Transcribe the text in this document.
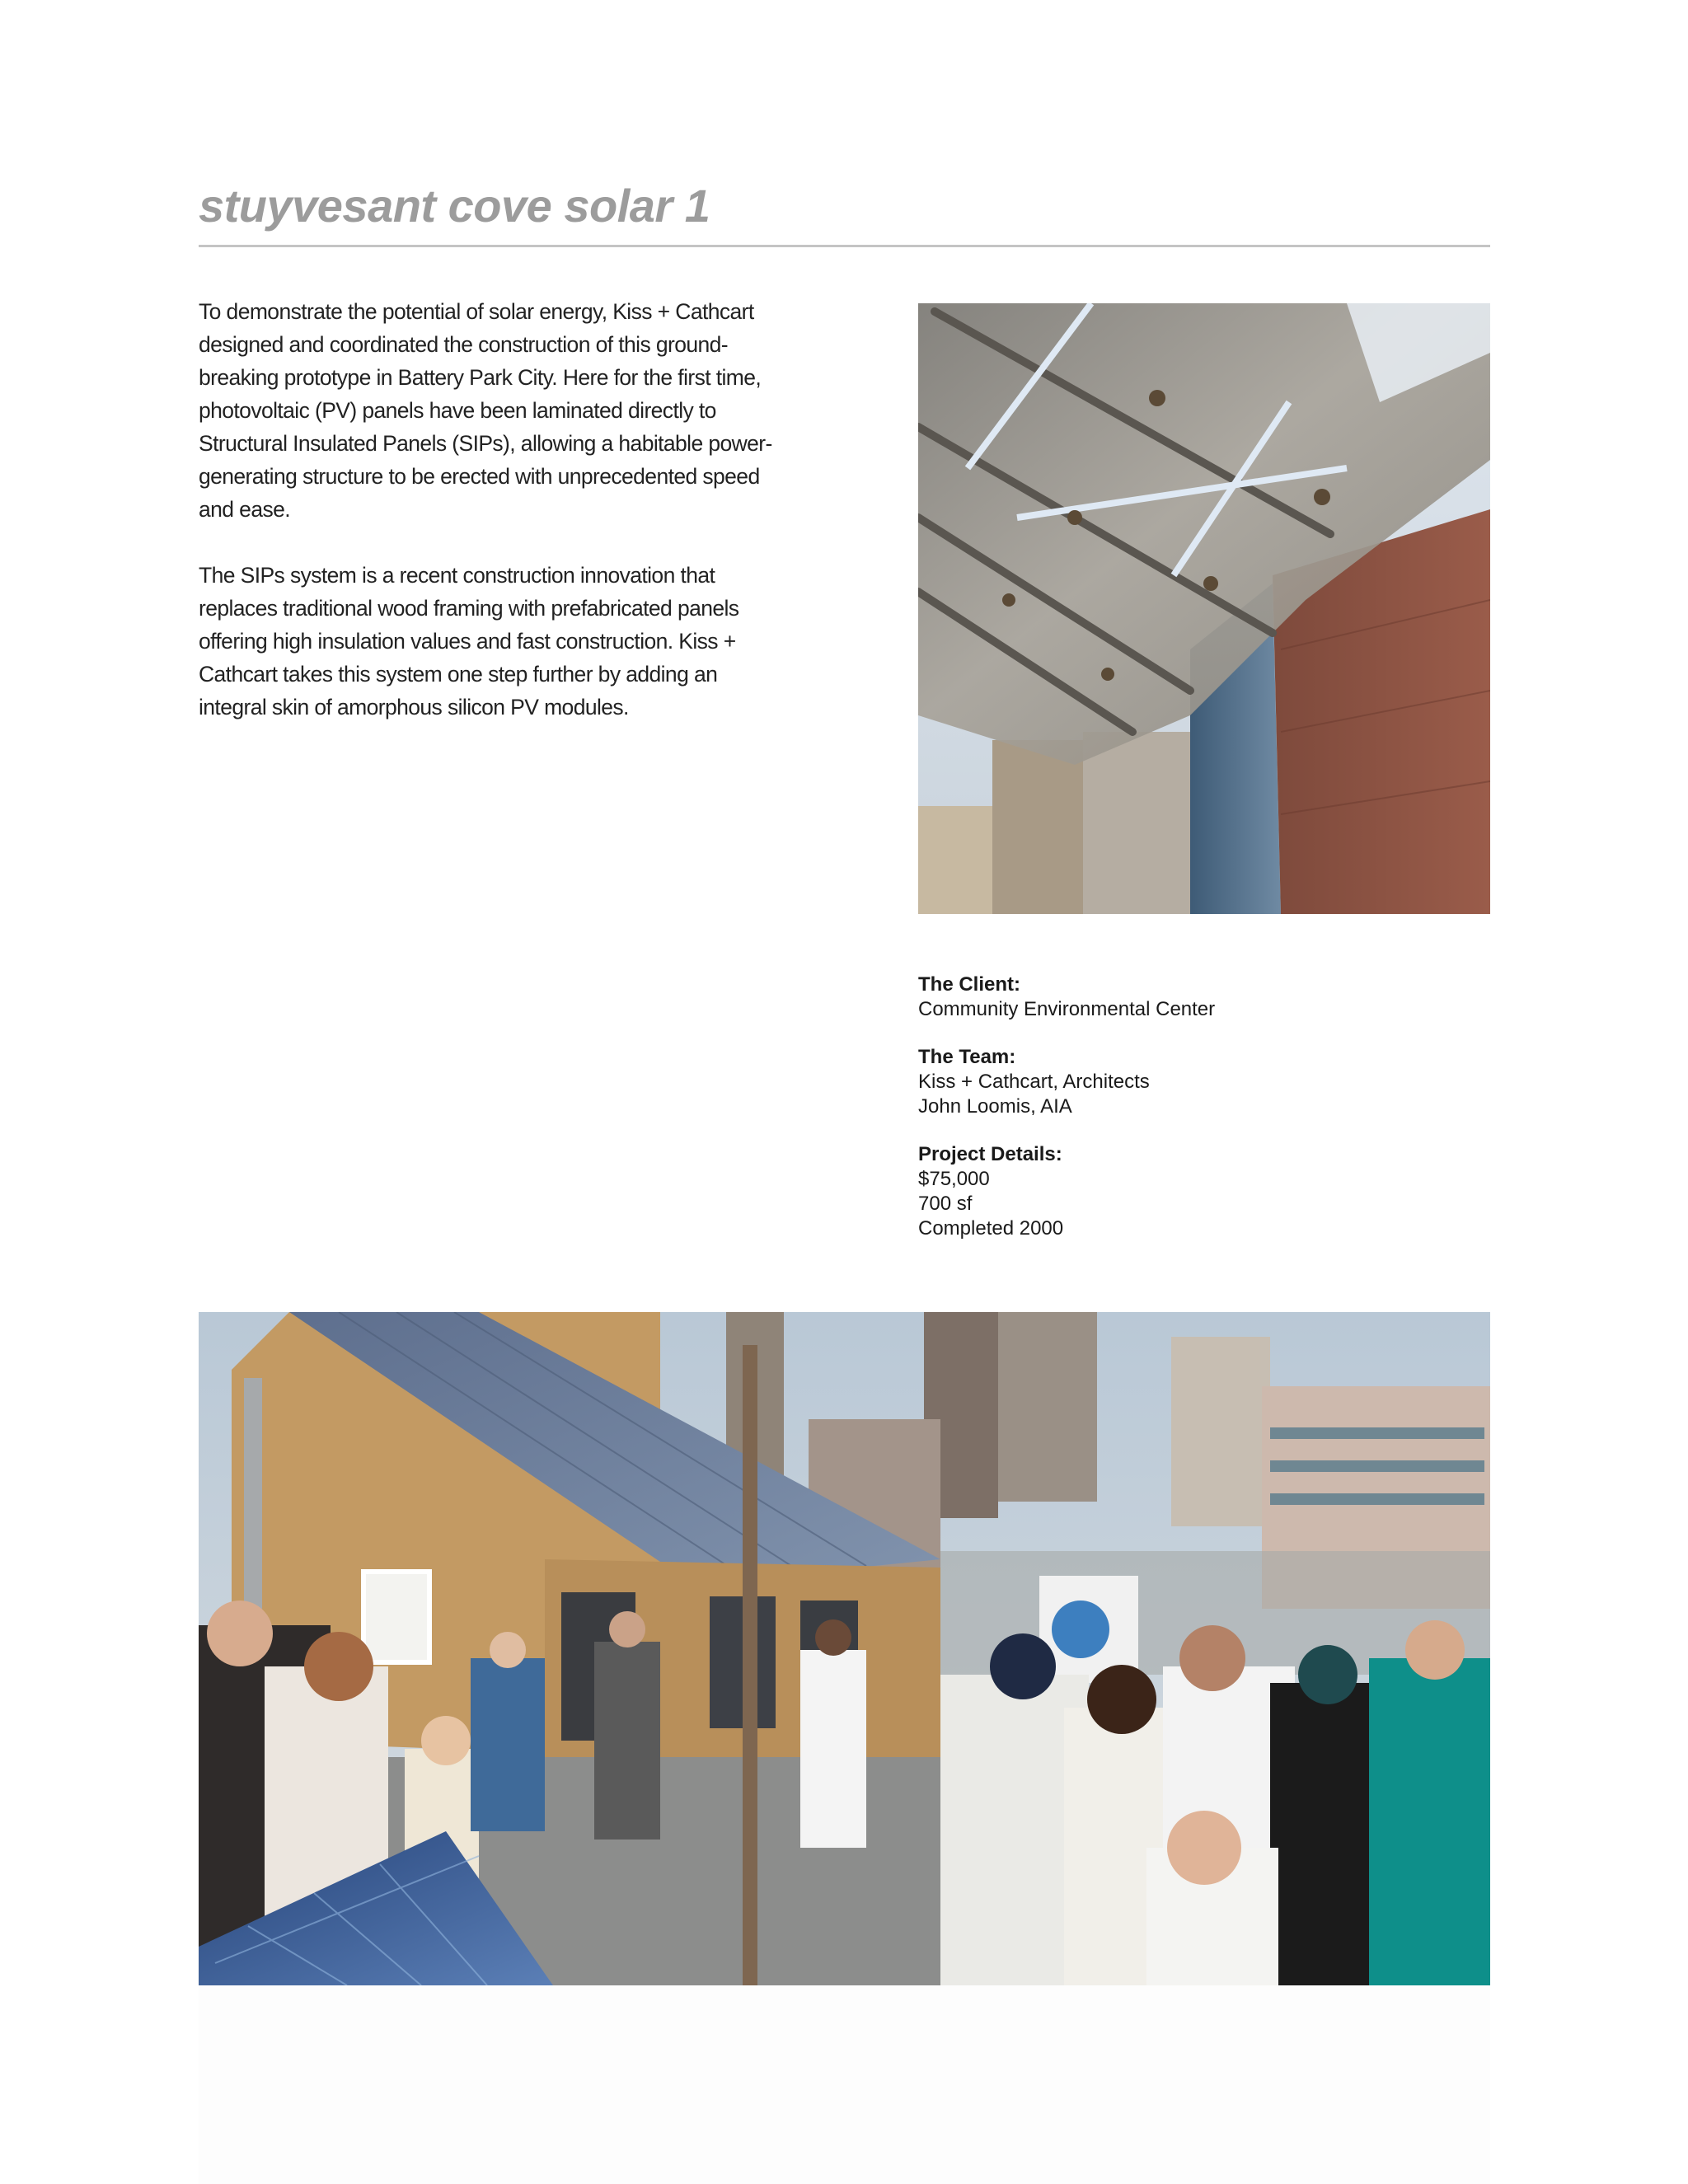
stuyvesant cove solar 1

To demonstrate the potential of solar energy, Kiss + Cathcart designed and coordinated the construction of this ground-breaking prototype in Battery Park City. Here for the first time, photovoltaic (PV) panels have been laminated directly to Structural Insulated Panels (SIPs), allowing a habitable power-generating structure to be erected with unprecedented speed and ease.

The SIPs system is a recent construction innovation that replaces traditional wood framing with prefabricated panels offering high insulation values and fast construction. Kiss + Cathcart takes this system one step further by adding an integral skin of amorphous silicon PV modules.

The Client:
Community Environmental Center
The Team:
Kiss + Cathcart, Architects
John Loomis, AIA
Project Details:
$75,000
700 sf
Completed 2000
